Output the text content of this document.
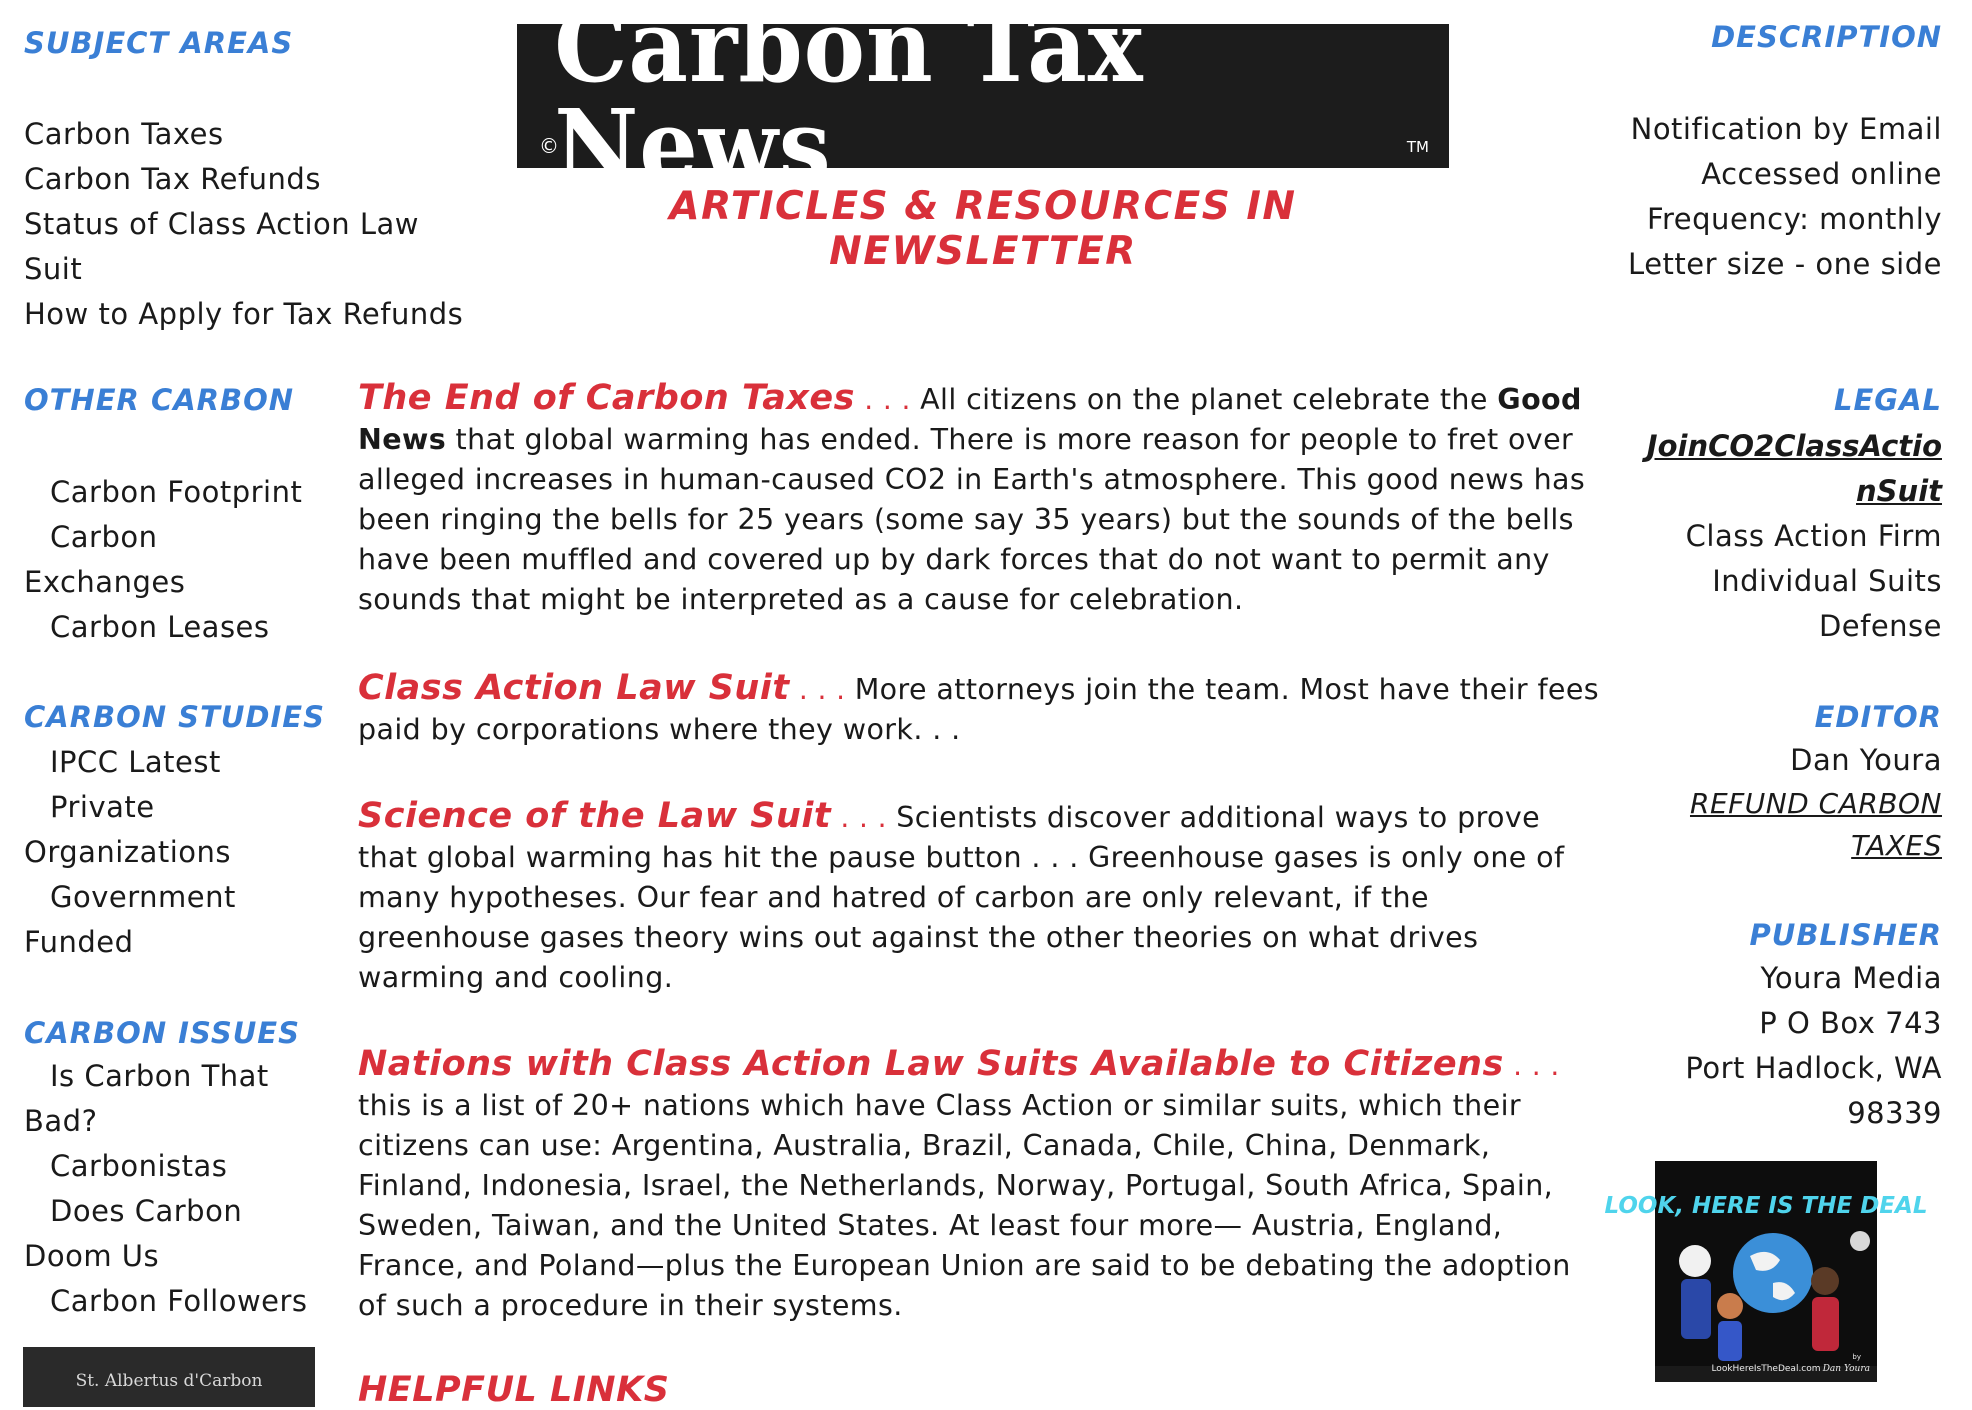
SUBJECT AREAS
Carbon Taxes
Carbon Tax Refunds
Status of Class Action Law
Suit
How to Apply for Tax Refunds
OTHER CARBON
Carbon Footprint
Carbon
Exchanges
Carbon Leases
CARBON STUDIES
IPCC Latest
Private
Organizations
Government
Funded
CARBON ISSUES
Is Carbon That
Bad?
Carbonistas
Does Carbon
Doom Us
Carbon Followers
St. Albertus d'Carbon
©
Carbon Tax News	TM
ARTICLES & RESOURCES IN NEWSLETTER
The End of Carbon Taxes . . . All citizens on the planet celebrate the Good News that global warming has ended. There is more reason for people to fret over alleged increases in human-caused CO2 in Earth's atmosphere. This good news has been ringing the bells for 25 years (some say 35 years) but the sounds of the bells have been muffled and covered up by dark forces that do not want to permit any sounds that might be interpreted as a cause for celebration.
Class Action Law Suit . . . More attorneys join the team. Most have their fees paid by corporations where they work. . .
Science of the Law Suit . . . Scientists discover additional ways to prove that global warming has hit the pause button . . . Greenhouse gases is only one of many hypotheses. Our fear and hatred of carbon are only relevant, if the greenhouse gases theory wins out against the other theories on what drives warming and cooling.
Nations with Class Action Law Suits Available to Citizens . . . this is a list of 20+ nations which have Class Action or similar suits, which their citizens can use: Argentina, Australia, Brazil, Canada, Chile, China, Denmark, Finland, Indonesia, Israel, the Netherlands, Norway, Portugal, South Africa, Spain, Sweden, Taiwan, and the United States. At least four more— Austria, England, France, and Poland—plus the European Union are said to be debating the adoption of such a procedure in their systems.
HELPFUL LINKS
DESCRIPTION
Notification by Email
Accessed online
Frequency: monthly
Letter size - one side
LEGAL
JoinCO2ClassActio
nSuit
Class Action Firm
Individual Suits
Defense
EDITOR
Dan Youra
REFUND CARBON
TAXES
PUBLISHER
Youra Media
P O Box 743
Port Hadlock, WA
98339
LOOK, HERE IS THE DEAL
LookHereIsTheDeal.com
by
Dan Youra
